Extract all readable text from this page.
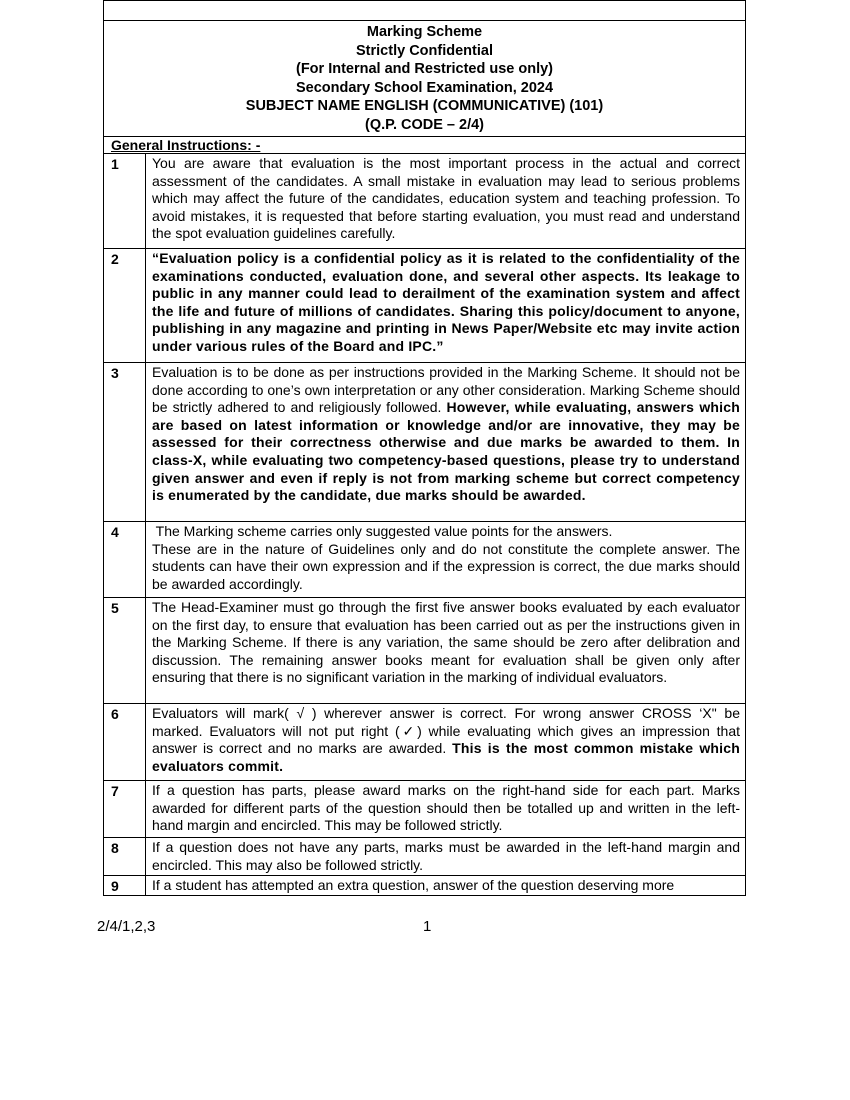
Marking Scheme
Strictly Confidential
(For Internal and Restricted use only)
Secondary School Examination, 2024
SUBJECT NAME ENGLISH (COMMUNICATIVE) (101)
(Q.P. CODE – 2/4)
General Instructions: -
1	You are aware that evaluation is the most important process in the actual and correct assessment of the candidates. A small mistake in evaluation may lead to serious problems which may affect the future of the candidates, education system and teaching profession. To avoid mistakes, it is requested that before starting evaluation, you must read and understand the spot evaluation guidelines carefully.
2	“Evaluation policy is a confidential policy as it is related to the confidentiality of the examinations conducted, evaluation done, and several other aspects. Its leakage to public in any manner could lead to derailment of the examination system and affect the life and future of millions of candidates. Sharing this policy/document to anyone, publishing in any magazine and printing in News Paper/Website etc may invite action under various rules of the Board and IPC.”
3	Evaluation is to be done as per instructions provided in the Marking Scheme. It should not be done according to one’s own interpretation or any other consideration. Marking Scheme should be strictly adhered to and religiously followed. However, while evaluating, answers which are based on latest information or knowledge and/or are innovative, they may be assessed for their correctness otherwise and due marks be awarded to them. In class-X, while evaluating two competency-based questions, please try to understand given answer and even if reply is not from marking scheme but correct competency is enumerated by the candidate, due marks should be awarded.
4	The Marking scheme carries only suggested value points for the answers.
These are in the nature of Guidelines only and do not constitute the complete answer. The students can have their own expression and if the expression is correct, the due marks should be awarded accordingly.
5	The Head-Examiner must go through the first five answer books evaluated by each evaluator on the first day, to ensure that evaluation has been carried out as per the instructions given in the Marking Scheme. If there is any variation, the same should be zero after delibration and discussion. The remaining answer books meant for evaluation shall be given only after ensuring that there is no significant variation in the marking of individual evaluators.
6	Evaluators will mark( √ ) wherever answer is correct. For wrong answer CROSS ‘X" be marked. Evaluators will not put right (✓) while evaluating which gives an impression that answer is correct and no marks are awarded. This is the most common mistake which evaluators commit.
7	If a question has parts, please award marks on the right-hand side for each part. Marks awarded for different parts of the question should then be totalled up and written in the left-hand margin and encircled. This may be followed strictly.
8	If a question does not have any parts, marks must be awarded in the left-hand margin and encircled. This may also be followed strictly.
9	If a student has attempted an extra question, answer of the question deserving more
2/4/1,2,3	1
